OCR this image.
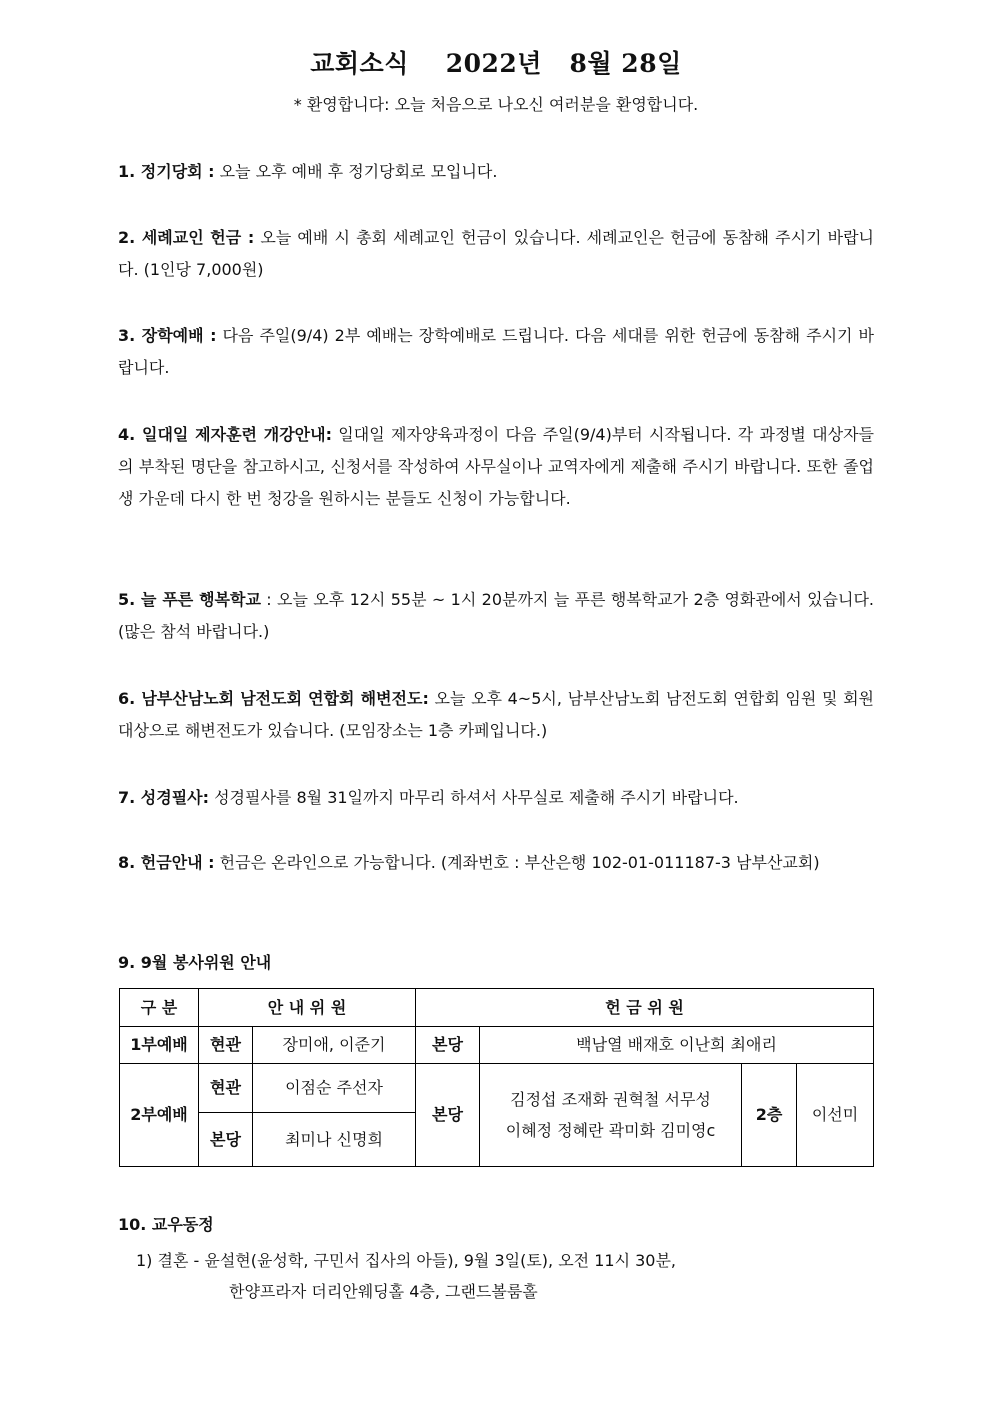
교회소식 2022년 8월 28일
* 환영합니다: 오늘 처음으로 나오신 여러분을 환영합니다.
1. 정기당회 : 오늘 오후 예배 후 정기당회로 모입니다.
2. 세례교인 헌금 : 오늘 예배 시 총회 세례교인 헌금이 있습니다. 세례교인은 헌금에 동참해 주시기 바랍니다. (1인당 7,000원)
3. 장학예배 : 다음 주일(9/4) 2부 예배는 장학예배로 드립니다. 다음 세대를 위한 헌금에 동참해 주시기 바랍니다.
4. 일대일 제자훈련 개강안내: 일대일 제자양육과정이 다음 주일(9/4)부터 시작됩니다. 각 과정별 대상자들의 부착된 명단을 참고하시고, 신청서를 작성하여 사무실이나 교역자에게 제출해 주시기 바랍니다. 또한 졸업생 가운데 다시 한 번 청강을 원하시는 분들도 신청이 가능합니다.
5. 늘 푸른 행복학교 : 오늘 오후 12시 55분 ~ 1시 20분까지 늘 푸른 행복학교가 2층 영화관에서 있습니다. (많은 참석 바랍니다.)
6. 남부산남노회 남전도회 연합회 해변전도: 오늘 오후 4~5시, 남부산남노회 남전도회 연합회 임원 및 회원 대상으로 해변전도가 있습니다. (모임장소는 1층 카페입니다.)
7. 성경필사: 성경필사를 8월 31일까지 마무리 하셔서 사무실로 제출해 주시기 바랍니다.
8. 헌금안내 : 헌금은 온라인으로 가능합니다. (계좌번호 : 부산은행 102-01-011187-3 남부산교회)
9. 9월 봉사위원 안내
구 분	안 내 위 원		헌 금 위 원			
1부예배	현관	장미애, 이준기	본당	백남열 배재호 이난희 최애리		
2부예배	현관	이점순 주선자	본당	김정섭 조재화 권혁철 서무성
이혜정 정혜란 곽미화 김미영c	2층	이선미
	본당	최미나 신명희				
10. 교우동정
1) 결혼 - 윤설현(윤성학, 구민서 집사의 아들), 9월 3일(토), 오전 11시 30분,
한양프라자 더리안웨딩홀 4층, 그랜드볼룸홀
